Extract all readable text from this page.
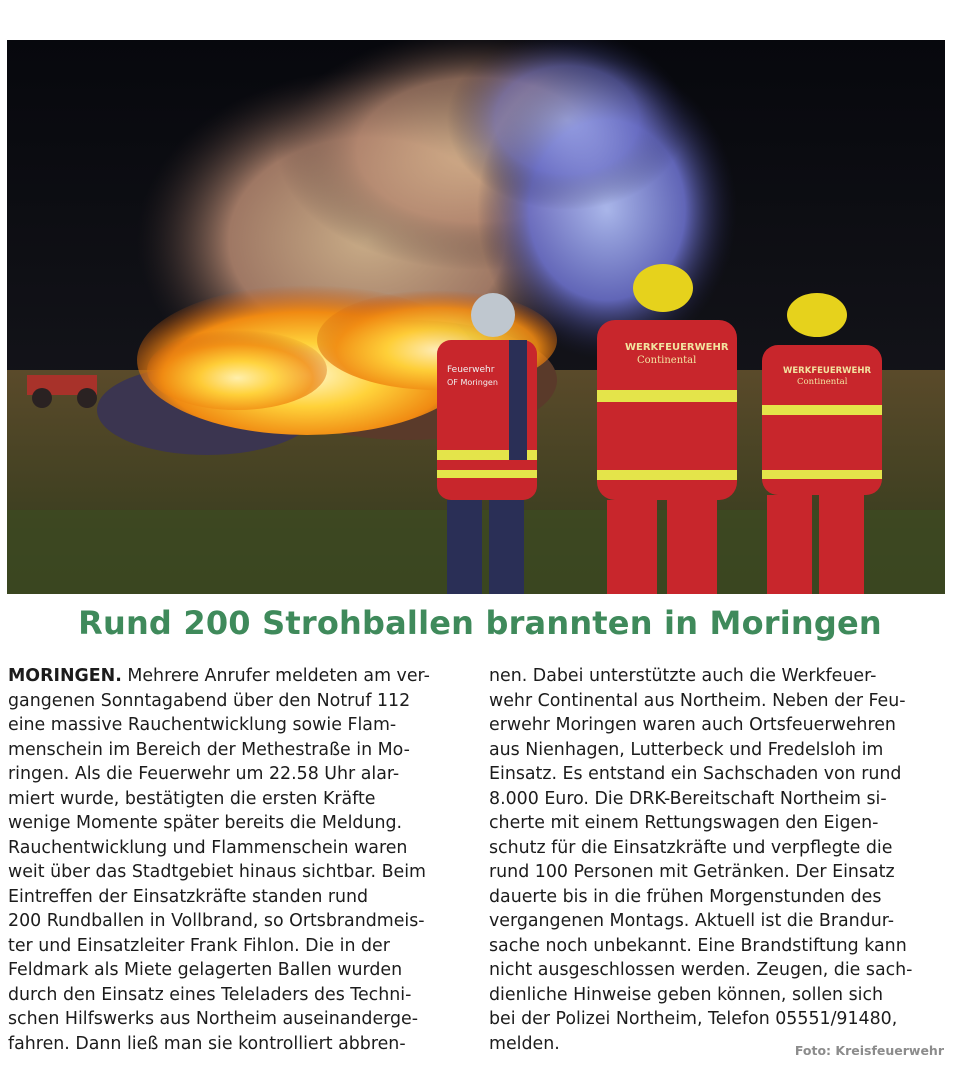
Feuerwehr
OF Moringen
WERKFEUERWEHR
Continental
WERKFEUERWEHR
Continental
Rund 200 Strohballen brannten in Moringen
MORINGEN. Mehrere Anrufer meldeten am ver-
gangenen Sonntagabend über den Notruf 112
eine massive Rauchentwicklung sowie Flam-
menschein im Bereich der Methestraße in Mo-
ringen. Als die Feuerwehr um 22.58 Uhr alar-
miert wurde, bestätigten die ersten Kräfte
wenige Momente später bereits die Meldung.
Rauchentwicklung und Flammenschein waren
weit über das Stadtgebiet hinaus sichtbar. Beim
Eintreffen der Einsatzkräfte standen rund
200 Rundballen in Vollbrand, so Ortsbrandmeis-
ter und Einsatzleiter Frank Fihlon. Die in der
Feldmark als Miete gelagerten Ballen wurden
durch den Einsatz eines Teleladers des Techni-
schen Hilfswerks aus Northeim auseinanderge-
fahren. Dann ließ man sie kontrolliert abbren-
nen. Dabei unterstützte auch die Werkfeuer-
wehr Continental aus Northeim. Neben der Feu-
erwehr Moringen waren auch Ortsfeuerwehren
aus Nienhagen, Lutterbeck und Fredelsloh im
Einsatz. Es entstand ein Sachschaden von rund
8.000 Euro. Die DRK-Bereitschaft Northeim si-
cherte mit einem Rettungswagen den Eigen-
schutz für die Einsatzkräfte und verpflegte die
rund 100 Personen mit Getränken. Der Einsatz
dauerte bis in die frühen Morgenstunden des
vergangenen Montags. Aktuell ist die Brandur-
sache noch unbekannt. Eine Brandstiftung kann
nicht ausgeschlossen werden. Zeugen, die sach-
dienliche Hinweise geben können, sollen sich
bei der Polizei Northeim, Telefon 05551/91480,
melden.	Foto: Kreisfeuerwehr
